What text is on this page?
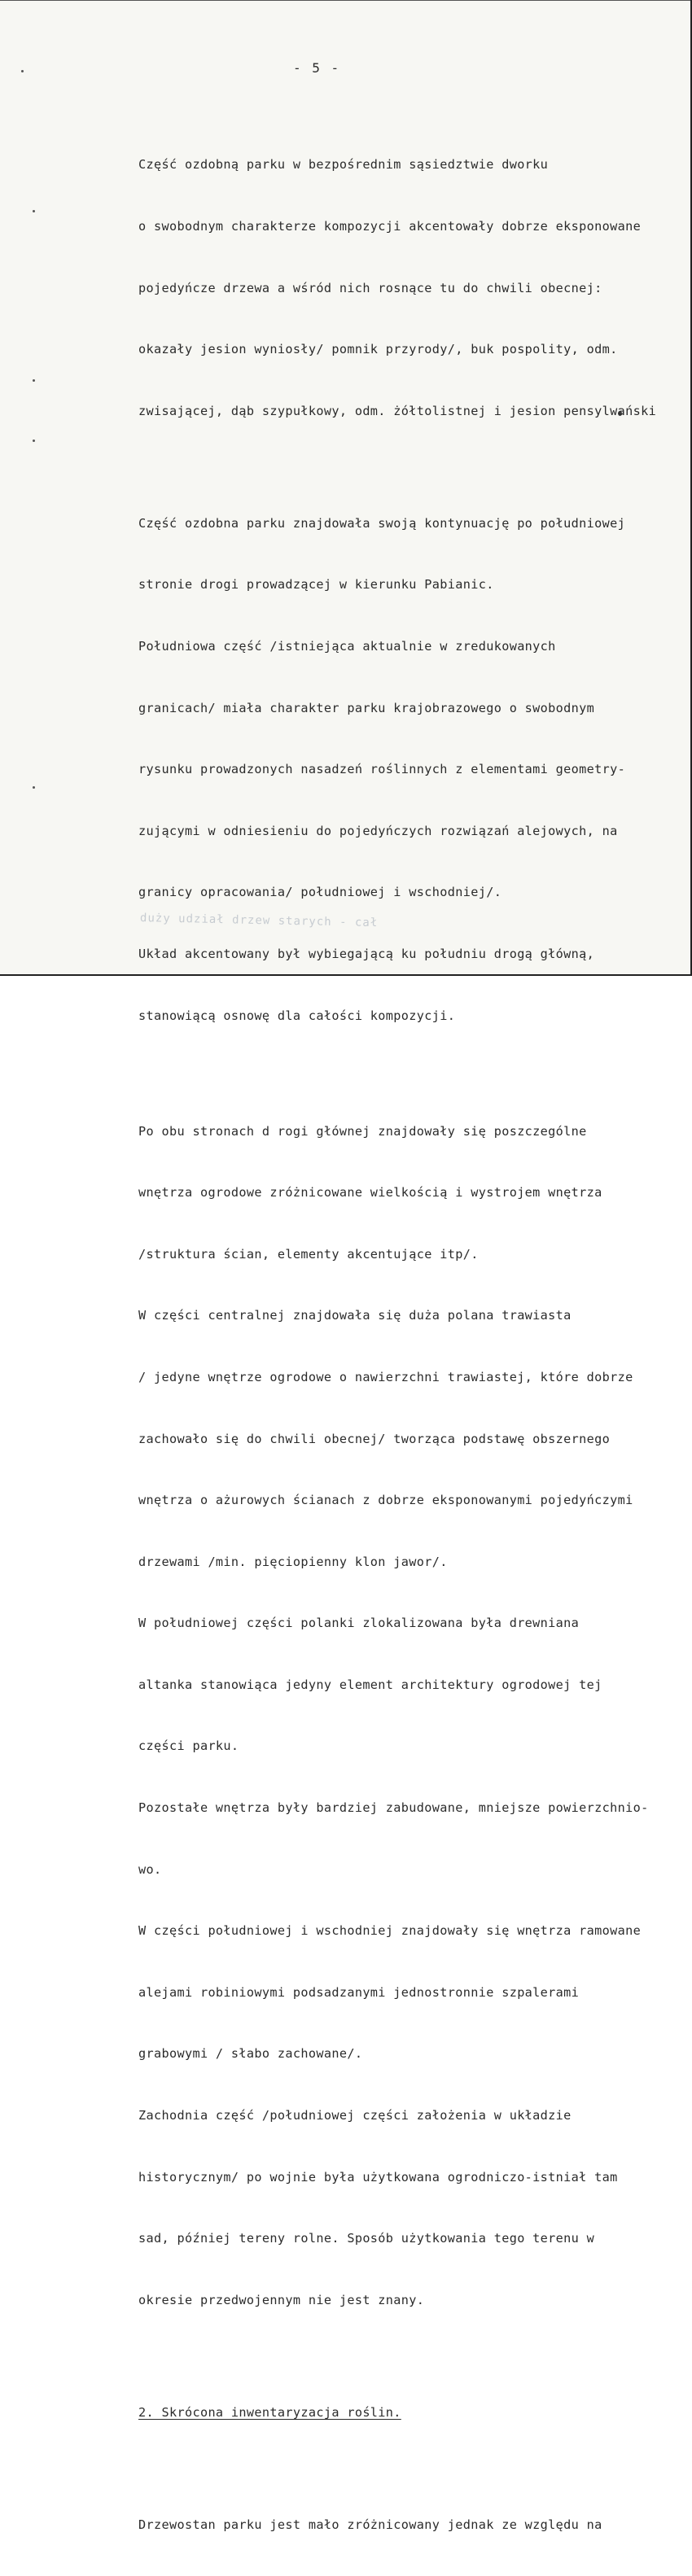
- 5 -

Część ozdobną parku w bezpośrednim sąsiedztwie dworku

o swobodnym charakterze kompozycji akcentowały dobrze eksponowane

pojedyńcze drzewa a wśród nich rosnące tu do chwili obecnej:

okazały jesion wyniosły/ pomnik przyrody/, buk pospolity, odm.

zwisającej, dąb szypułkowy, odm. żółtolistnej i jesion pensylwański

Część ozdobna parku znajdowała swoją kontynuację po południowej

stronie drogi prowadzącej w kierunku Pabianic.

Południowa część /istniejąca aktualnie w zredukowanych

granicach/ miała charakter parku krajobrazowego o swobodnym

rysunku prowadzonych nasadzeń roślinnych z elementami geometry-

zującymi w odniesieniu do pojedyńczych rozwiązań alejowych, na

granicy opracowania/ południowej i wschodniej/.

Układ akcentowany był wybiegającą ku południu drogą główną,

stanowiącą osnowę dla całości kompozycji.

Po obu stronach d rogi głównej znajdowały się poszczególne

wnętrza ogrodowe zróżnicowane wielkością i wystrojem wnętrza

/struktura ścian, elementy akcentujące itp/.

W części centralnej znajdowała się duża polana trawiasta

/ jedyne wnętrze ogrodowe o nawierzchni trawiastej, które dobrze

zachowało się do chwili obecnej/ tworząca podstawę obszernego

wnętrza o ażurowych ścianach z dobrze eksponowanymi pojedyńczymi

drzewami /min. pięciopienny klon jawor/.

W południowej części polanki zlokalizowana była drewniana

altanka stanowiąca jedyny element architektury ogrodowej tej

części parku.

Pozostałe wnętrza były bardziej zabudowane, mniejsze powierzchnio-

wo.

W części południowej i wschodniej znajdowały się wnętrza ramowane

alejami robiniowymi podsadzanymi jednostronnie szpalerami

grabowymi / słabo zachowane/.

Zachodnia część /południowej części założenia w układzie

historycznym/ po wojnie była użytkowana ogrodniczo-istniał tam

sad, później tereny rolne. Sposób użytkowania tego terenu w

okresie przedwojennym nie jest znany.

2. Skrócona inwentaryzacja roślin.

Drzewostan parku jest mało zróżnicowany jednak ze względu na

duży udział drzew starych - cał
